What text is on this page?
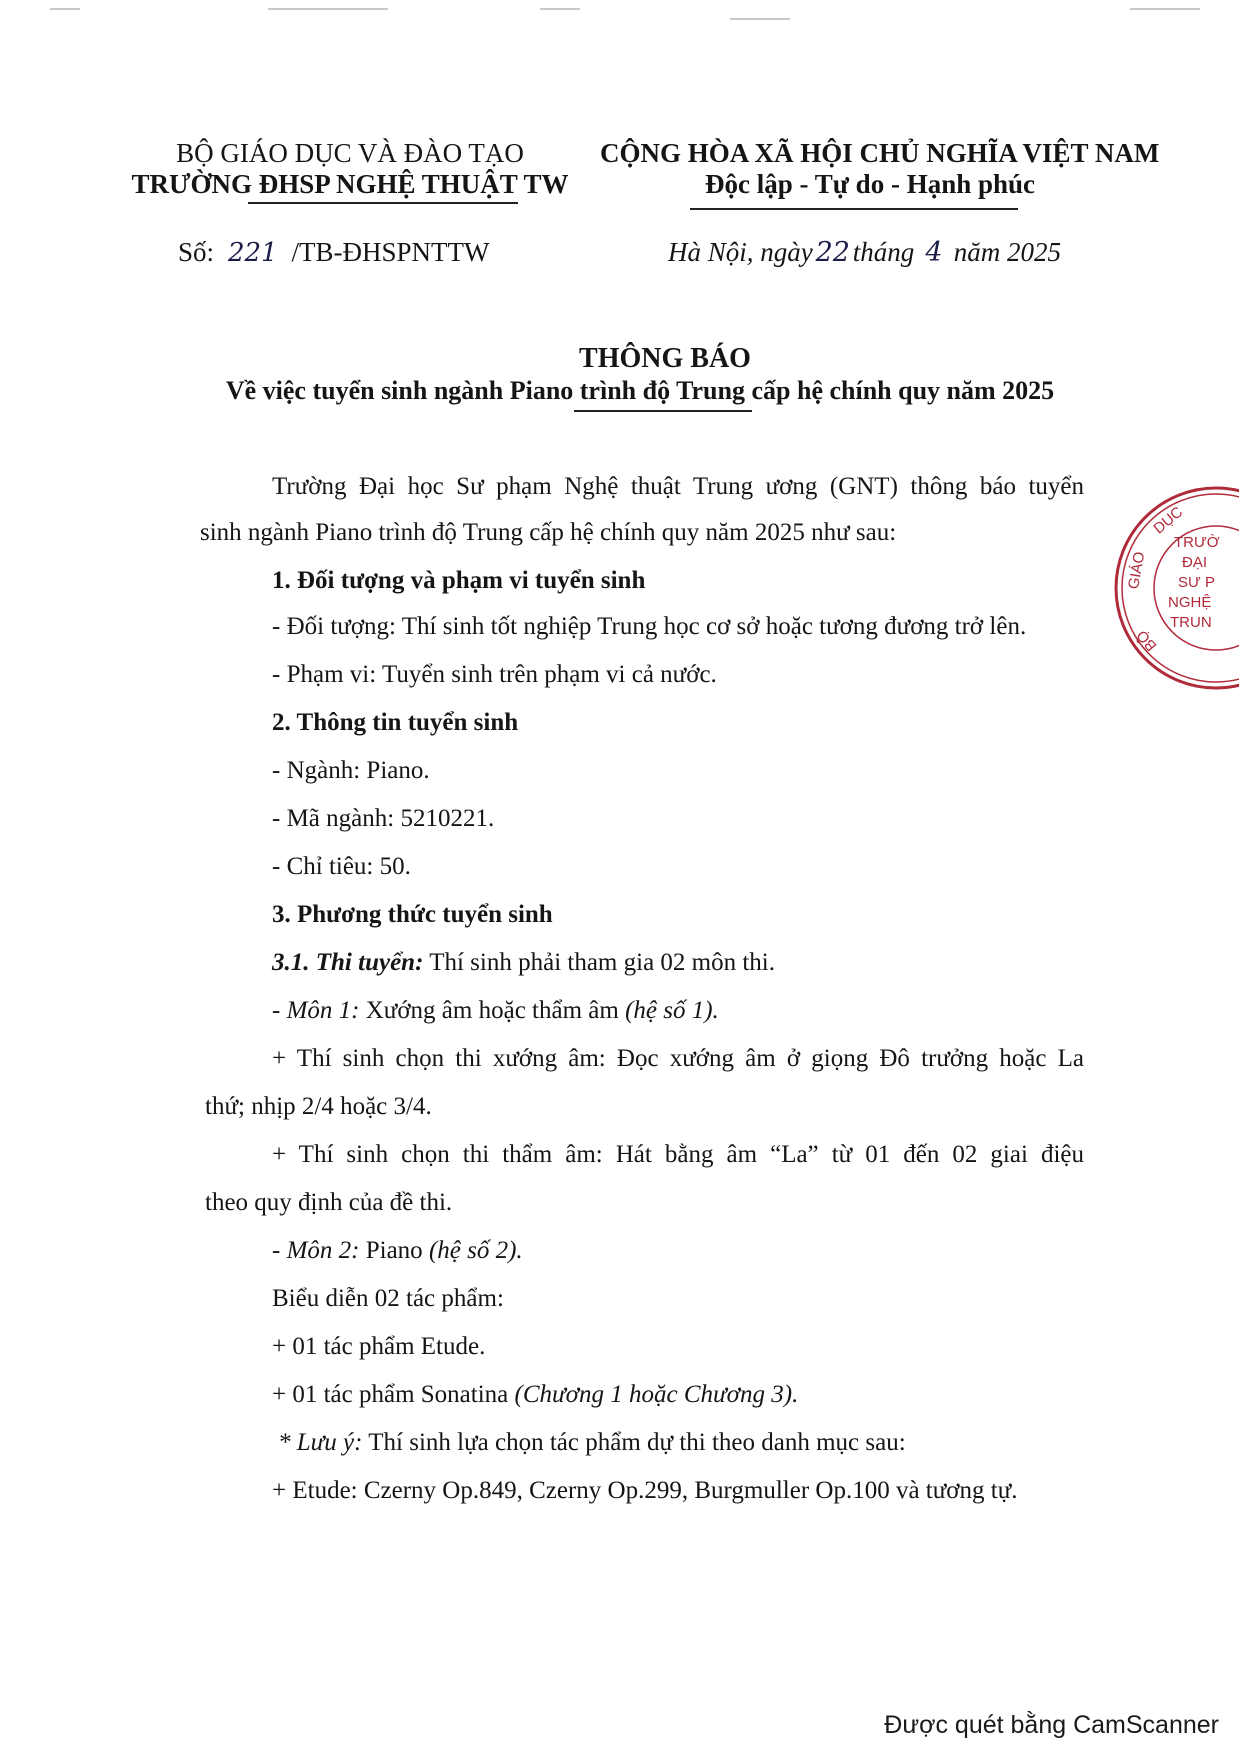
BỘ GIÁO DỤC VÀ ĐÀO TẠO
TRƯỜNG ĐHSP NGHỆ THUẬT TW
Số: 221 /TB-ĐHSPNTTW
CỘNG HÒA XÃ HỘI CHỦ NGHĨA VIỆT NAM
Độc lập - Tự do - Hạnh phúc
Hà Nội, ngày 22 tháng 4 năm 2025
THÔNG BÁO
Về việc tuyển sinh ngành Piano trình độ Trung cấp hệ chính quy năm 2025
Trường Đại học Sư phạm Nghệ thuật Trung ương (GNT) thông báo tuyển
sinh ngành Piano trình độ Trung cấp hệ chính quy năm 2025 như sau:
1. Đối tượng và phạm vi tuyển sinh
- Đối tượng: Thí sinh tốt nghiệp Trung học cơ sở hoặc tương đương trở lên.
- Phạm vi: Tuyển sinh trên phạm vi cả nước.
2. Thông tin tuyển sinh
- Ngành: Piano.
- Mã ngành: 5210221.
- Chỉ tiêu: 50.
3. Phương thức tuyển sinh
3.1. Thi tuyển: Thí sinh phải tham gia 02 môn thi.
- Môn 1: Xướng âm hoặc thẩm âm (hệ số 1).
+ Thí sinh chọn thi xướng âm: Đọc xướng âm ở giọng Đô trưởng hoặc La
thứ; nhịp 2/4 hoặc 3/4.
+ Thí sinh chọn thi thẩm âm: Hát bằng âm “La” từ 01 đến 02 giai điệu
theo quy định của đề thi.
- Môn 2: Piano (hệ số 2).
Biểu diễn 02 tác phẩm:
+ 01 tác phẩm Etude.
+ 01 tác phẩm Sonatina (Chương 1 hoặc Chương 3).
* Lưu ý: Thí sinh lựa chọn tác phẩm dự thi theo danh mục sau:
+ Etude: Czerny Op.849, Czerny Op.299, Burgmuller Op.100 và tương tự.
DỤC
TRƯỜ
ĐẠI
SƯ P
NGHỆ
TRUN
GIÁO
BỘ
Được quét bằng CamScanner
